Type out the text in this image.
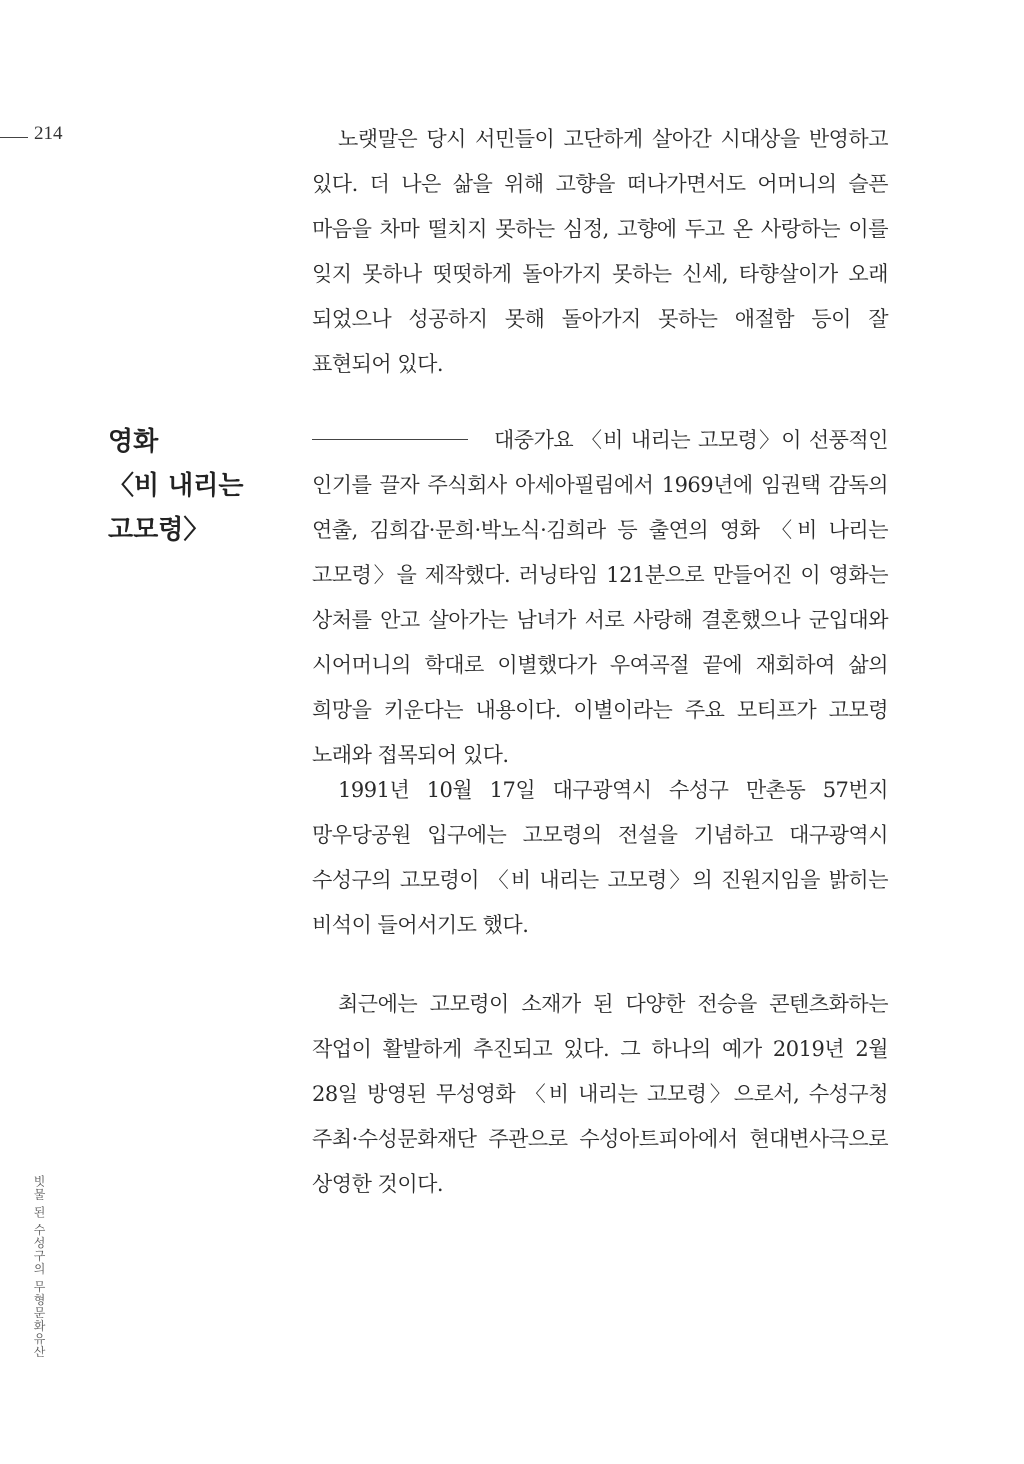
214	노랫말은 당시 서민들이 고단하게 살아간 시대상을 반영하고 있다. 더 나은 삶을 위해 고향을 떠나가면서도 어머니의 슬픈 마음을 차마 떨치지 못하는 심정, 고향에 두고 온 사랑하는 이를 잊지 못하나 떳떳하게 돌아가지 못하는 신세, 타향살이가 오래 되었으나 성공하지 못해 돌아가지 못하는 애절함 등이 잘 표현되어 있다.

영화
〈비 내리는
고모령〉

대중가요 〈비 내리는 고모령〉이 선풍적인 인기를 끌자 주식회사 아세아필림에서 1969년에 임권택 감독의 연출, 김희갑·문희·박노식·김희라 등 출연의 영화 〈비 나리는 고모령〉을 제작했다. 러닝타임 121분으로 만들어진 이 영화는 상처를 안고 살아가는 남녀가 서로 사랑해 결혼했으나 군입대와 시어머니의 학대로 이별했다가 우여곡절 끝에 재회하여 삶의 희망을 키운다는 내용이다. 이별이라는 주요 모티프가 고모령 노래와 접목되어 있다.

1991년 10월 17일 대구광역시 수성구 만촌동 57번지 망우당공원 입구에는 고모령의 전설을 기념하고 대구광역시 수성구의 고모령이 〈비 내리는 고모령〉의 진원지임을 밝히는 비석이 들어서기도 했다.

최근에는 고모령이 소재가 된 다양한 전승을 콘텐츠화하는 작업이 활발하게 추진되고 있다. 그 하나의 예가 2019년 2월 28일 방영된 무성영화 〈비 내리는 고모령〉으로서, 수성구청 주최·수성문화재단 주관으로 수성아트피아에서 현대변사극으로 상영한 것이다.

빗물 된 수성구의 무형문화유산
